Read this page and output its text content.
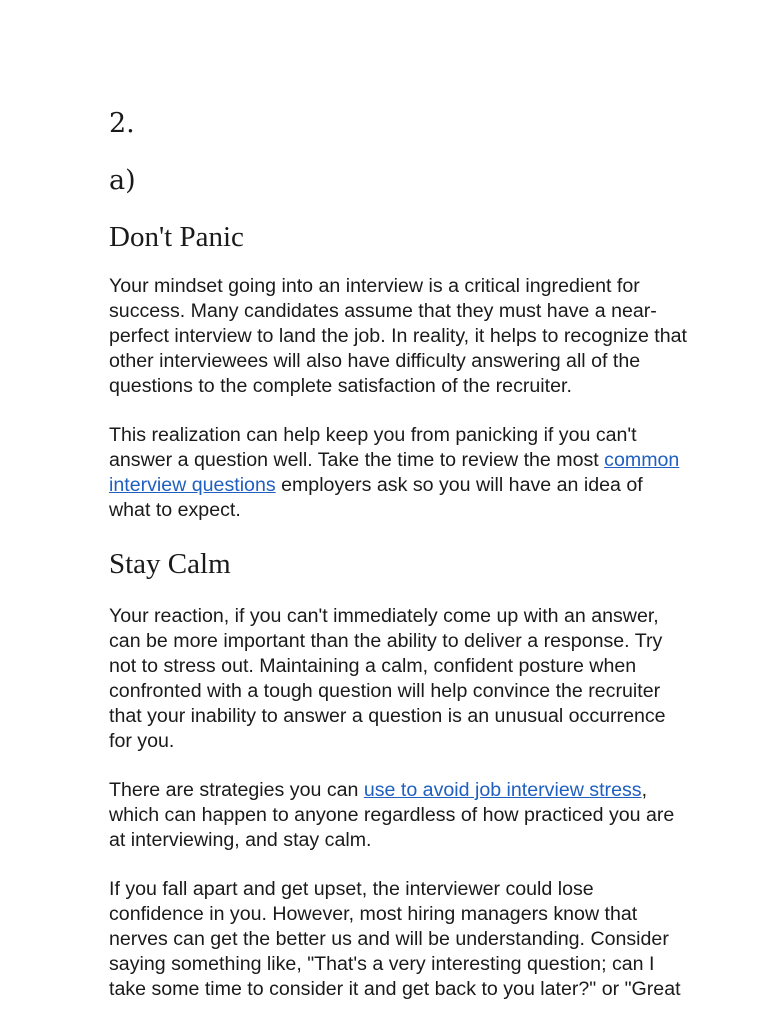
2.
a)
Don't Panic

Your mindset going into an interview is a critical ingredient for
success. Many candidates assume that they must have a near-
perfect interview to land the job. In reality, it helps to recognize that
other interviewees will also have difficulty answering all of the
questions to the complete satisfaction of the recruiter.

This realization can help keep you from panicking if you can't
answer a question well. Take the time to review the most common
interview questions employers ask so you will have an idea of
what to expect.

Stay Calm

Your reaction, if you can't immediately come up with an answer,
can be more important than the ability to deliver a response. Try
not to stress out. Maintaining a calm, confident posture when
confronted with a tough question will help convince the recruiter
that your inability to answer a question is an unusual occurrence
for you.

There are strategies you can use to avoid job interview stress,
which can happen to anyone regardless of how practiced you are
at interviewing, and stay calm.

If you fall apart and get upset, the interviewer could lose
confidence in you. However, most hiring managers know that
nerves can get the better us and will be understanding. Consider
saying something like, "That's a very interesting question; can I
take some time to consider it and get back to you later?" or "Great
